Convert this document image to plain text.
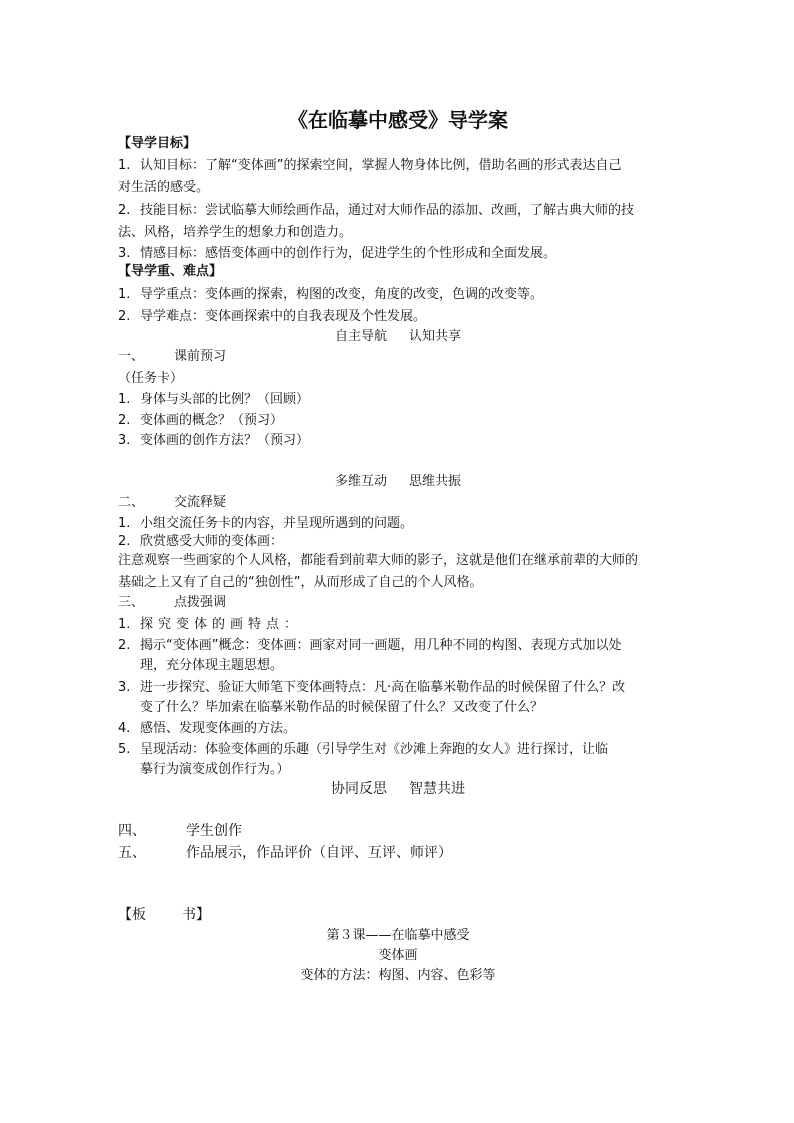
《在临摹中感受》导学案
【导学目标】
1. 认知目标：了解“变体画”的探索空间，掌握人物身体比例，借助名画的形式表达自己
对生活的感受。
2. 技能目标：尝试临摹大师绘画作品，通过对大师作品的添加、改画，了解古典大师的技
法、风格，培养学生的想象力和创造力。
3. 情感目标：感悟变体画中的创作行为，促进学生的个性形成和全面发展。
【导学重、难点】
1. 导学重点：变体画的探索，构图的改变，角度的改变，色调的改变等。
2. 导学难点：变体画探索中的自我表现及个性发展。
自主导航 认知共享
一、 课前预习
（任务卡）
1. 身体与头部的比例？（回顾）
2. 变体画的概念？（预习）
3. 变体画的创作方法？（预习）
多维互动 思维共振
二、 交流释疑
1. 小组交流任务卡的内容，并呈现所遇到的问题。
2. 欣赏感受大师的变体画：
注意观察一些画家的个人风格，都能看到前辈大师的影子，这就是他们在继承前辈的大师的
基础之上又有了自己的“独创性”，从而形成了自己的个人风格。
三、 点拨强调
1. 探究变体的画特点：
2. 揭示“变体画”概念：变体画：画家对同一画题，用几种不同的构图、表现方式加以处
理，充分体现主题思想。
3. 进一步探究、验证大师笔下变体画特点：凡·高在临摹米勒作品的时候保留了什么？改
变了什么？毕加索在临摹米勒作品的时候保留了什么？又改变了什么？
4. 感悟、发现变体画的方法。
5. 呈现活动：体验变体画的乐趣（引导学生对《沙滩上奔跑的女人》进行探讨，让临
摹行为演变成创作行为。）
协同反思 智慧共进
四、	学生创作
五、	作品展示，作品评价（自评、互评、师评）
【板	书】
第３课——在临摹中感受
变体画
变体的方法：构图、内容、色彩等
